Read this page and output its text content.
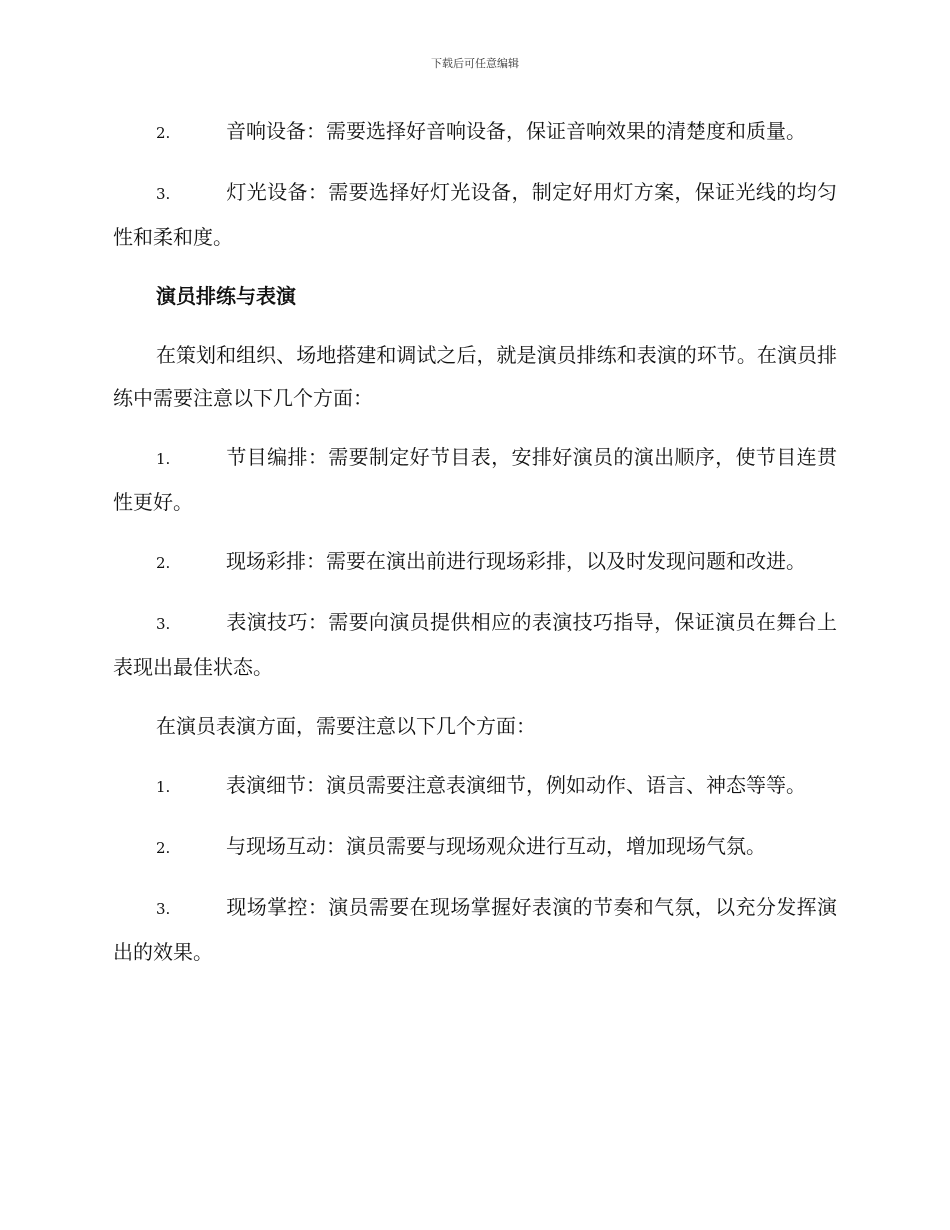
下载后可任意编辑
2.	音响设备：需要选择好音响设备，保证音响效果的清楚度和质量。
3.	灯光设备：需要选择好灯光设备，制定好用灯方案，保证光线的均匀性和柔和度。
演员排练与表演
在策划和组织、场地搭建和调试之后，就是演员排练和表演的环节。在演员排练中需要注意以下几个方面：
1.	节目编排：需要制定好节目表，安排好演员的演出顺序，使节目连贯性更好。
2.	现场彩排：需要在演出前进行现场彩排，以及时发现问题和改进。
3.	表演技巧：需要向演员提供相应的表演技巧指导，保证演员在舞台上表现出最佳状态。
在演员表演方面，需要注意以下几个方面：
1.	表演细节：演员需要注意表演细节，例如动作、语言、神态等等。
2.	与现场互动：演员需要与现场观众进行互动，增加现场气氛。
3.	现场掌控：演员需要在现场掌握好表演的节奏和气氛，以充分发挥演出的效果。
